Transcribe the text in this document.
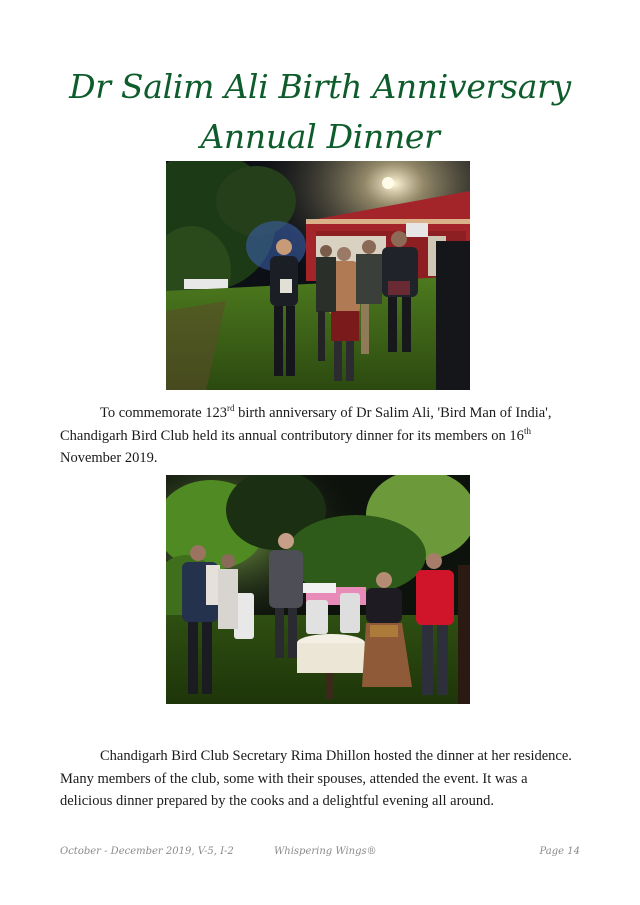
Dr Salim Ali Birth Anniversary
Annual Dinner
To commemorate 123rd birth anniversary of Dr Salim Ali, 'Bird Man of India', Chandigarh Bird Club held its annual contributory dinner for its members on 16th November 2019.
Chandigarh Bird Club Secretary Rima Dhillon hosted the dinner at her residence. Many members of the club, some with their spouses, attended the event. It was a delicious dinner prepared by the cooks and a delightful evening all around.
October - December 2019, V-5, I-2	Whispering Wings®	Page 14
